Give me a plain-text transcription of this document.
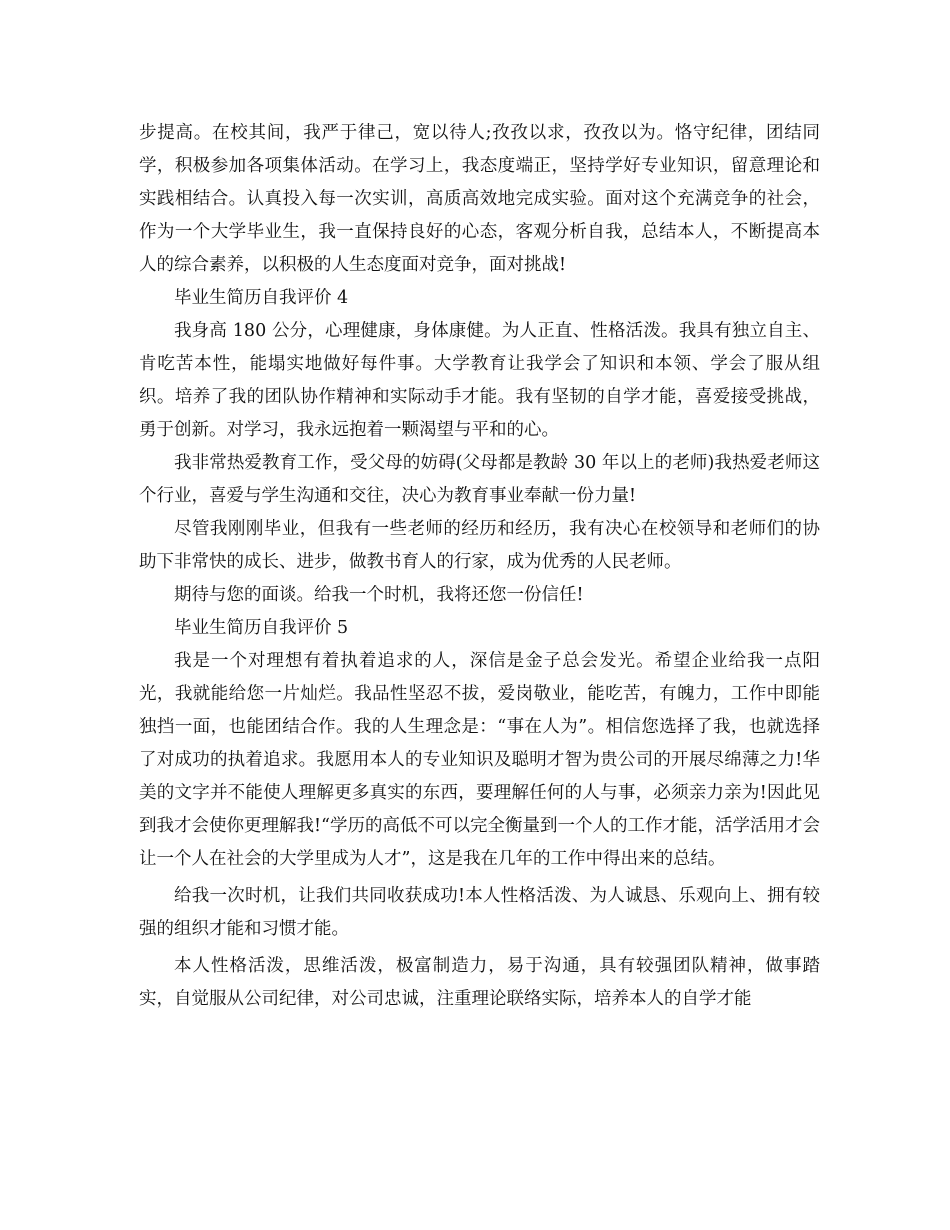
步提高。在校其间，我严于律己，宽以待人;孜孜以求，孜孜以为。恪守纪律，团结同学，积极参加各项集体活动。在学习上，我态度端正，坚持学好专业知识，留意理论和实践相结合。认真投入每一次实训，高质高效地完成实验。面对这个充满竞争的社会，作为一个大学毕业生，我一直保持良好的心态，客观分析自我，总结本人，不断提高本人的综合素养，以积极的人生态度面对竞争，面对挑战!

毕业生简历自我评价 4

我身高 180 公分，心理健康，身体康健。为人正直、性格活泼。我具有独立自主、肯吃苦本性，能塌实地做好每件事。大学教育让我学会了知识和本领、学会了服从组织。培养了我的团队协作精神和实际动手才能。我有坚韧的自学才能，喜爱接受挑战，勇于创新。对学习，我永远抱着一颗渴望与平和的心。

我非常热爱教育工作，受父母的妨碍(父母都是教龄 30 年以上的老师)我热爱老师这个行业，喜爱与学生沟通和交往，决心为教育事业奉献一份力量!

尽管我刚刚毕业，但我有一些老师的经历和经历，我有决心在校领导和老师们的协助下非常快的成长、进步，做教书育人的行家，成为优秀的人民老师。

期待与您的面谈。给我一个时机，我将还您一份信任!

毕业生简历自我评价 5

我是一个对理想有着执着追求的人，深信是金子总会发光。希望企业给我一点阳光，我就能给您一片灿烂。我品性坚忍不拔，爱岗敬业，能吃苦，有魄力，工作中即能独挡一面，也能团结合作。我的人生理念是：“事在人为”。相信您选择了我，也就选择了对成功的执着追求。我愿用本人的专业知识及聪明才智为贵公司的开展尽绵薄之力!华美的文字并不能使人理解更多真实的东西，要理解任何的人与事，必须亲力亲为!因此见到我才会使你更理解我!“学历的高低不可以完全衡量到一个人的工作才能，活学活用才会让一个人在社会的大学里成为人才”，这是我在几年的工作中得出来的总结。

给我一次时机，让我们共同收获成功!本人性格活泼、为人诚恳、乐观向上、拥有较强的组织才能和习惯才能。

本人性格活泼，思维活泼，极富制造力，易于沟通，具有较强团队精神，做事踏实，自觉服从公司纪律，对公司忠诚，注重理论联络实际，培养本人的自学才能
